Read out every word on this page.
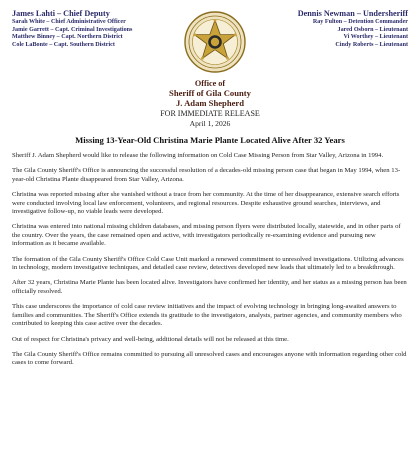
James Lahti – Chief Deputy
Sarah White – Chief Administrative Officer
Jamie Garrett – Capt. Criminal Investigations
Matthew Binney – Capt. Northern District
Cole LaBonte – Capt. Southern District
Dennis Newman – Undersheriff
Ray Fulton – Detention Commander
Jared Osborn – Lieutenant
Vi Worthey – Lieutenant
Cindy Roberts – Lieutenant
Office of
Sheriff of Gila County
J. Adam Shepherd
FOR IMMEDIATE RELEASE
April 1, 2026
Missing 13-Year-Old Christina Marie Plante Located Alive After 32 Years

Sheriff J. Adam Shepherd would like to release the following information on Cold Case Missing Person from Star Valley, Arizona in 1994.

The Gila County Sheriff's Office is announcing the successful resolution of a decades-old missing person case that began in May 1994, when 13-year-old Christina Plante disappeared from Star Valley, Arizona.

Christina was reported missing after she vanished without a trace from her community. At the time of her disappearance, extensive search efforts were conducted involving local law enforcement, volunteers, and regional resources. Despite exhaustive ground searches, interviews, and investigative follow-up, no viable leads were developed.

Christina was entered into national missing children databases, and missing person flyers were distributed locally, statewide, and in other parts of the country. Over the years, the case remained open and active, with investigators periodically re-examining evidence and pursuing new information as it became available.

The formation of the Gila County Sheriff's Office Cold Case Unit marked a renewed commitment to unresolved investigations. Utilizing advances in technology, modern investigative techniques, and detailed case review, detectives developed new leads that ultimately led to a breakthrough.

After 32 years, Christina Marie Plante has been located alive. Investigators have confirmed her identity, and her status as a missing person has been officially resolved.

This case underscores the importance of cold case review initiatives and the impact of evolving technology in bringing long-awaited answers to families and communities. The Sheriff's Office extends its gratitude to the investigators, analysts, partner agencies, and community members who contributed to keeping this case active over the decades.

Out of respect for Christina's privacy and well-being, additional details will not be released at this time.

The Gila County Sheriff's Office remains committed to pursuing all unresolved cases and encourages anyone with information regarding other cold cases to come forward.
